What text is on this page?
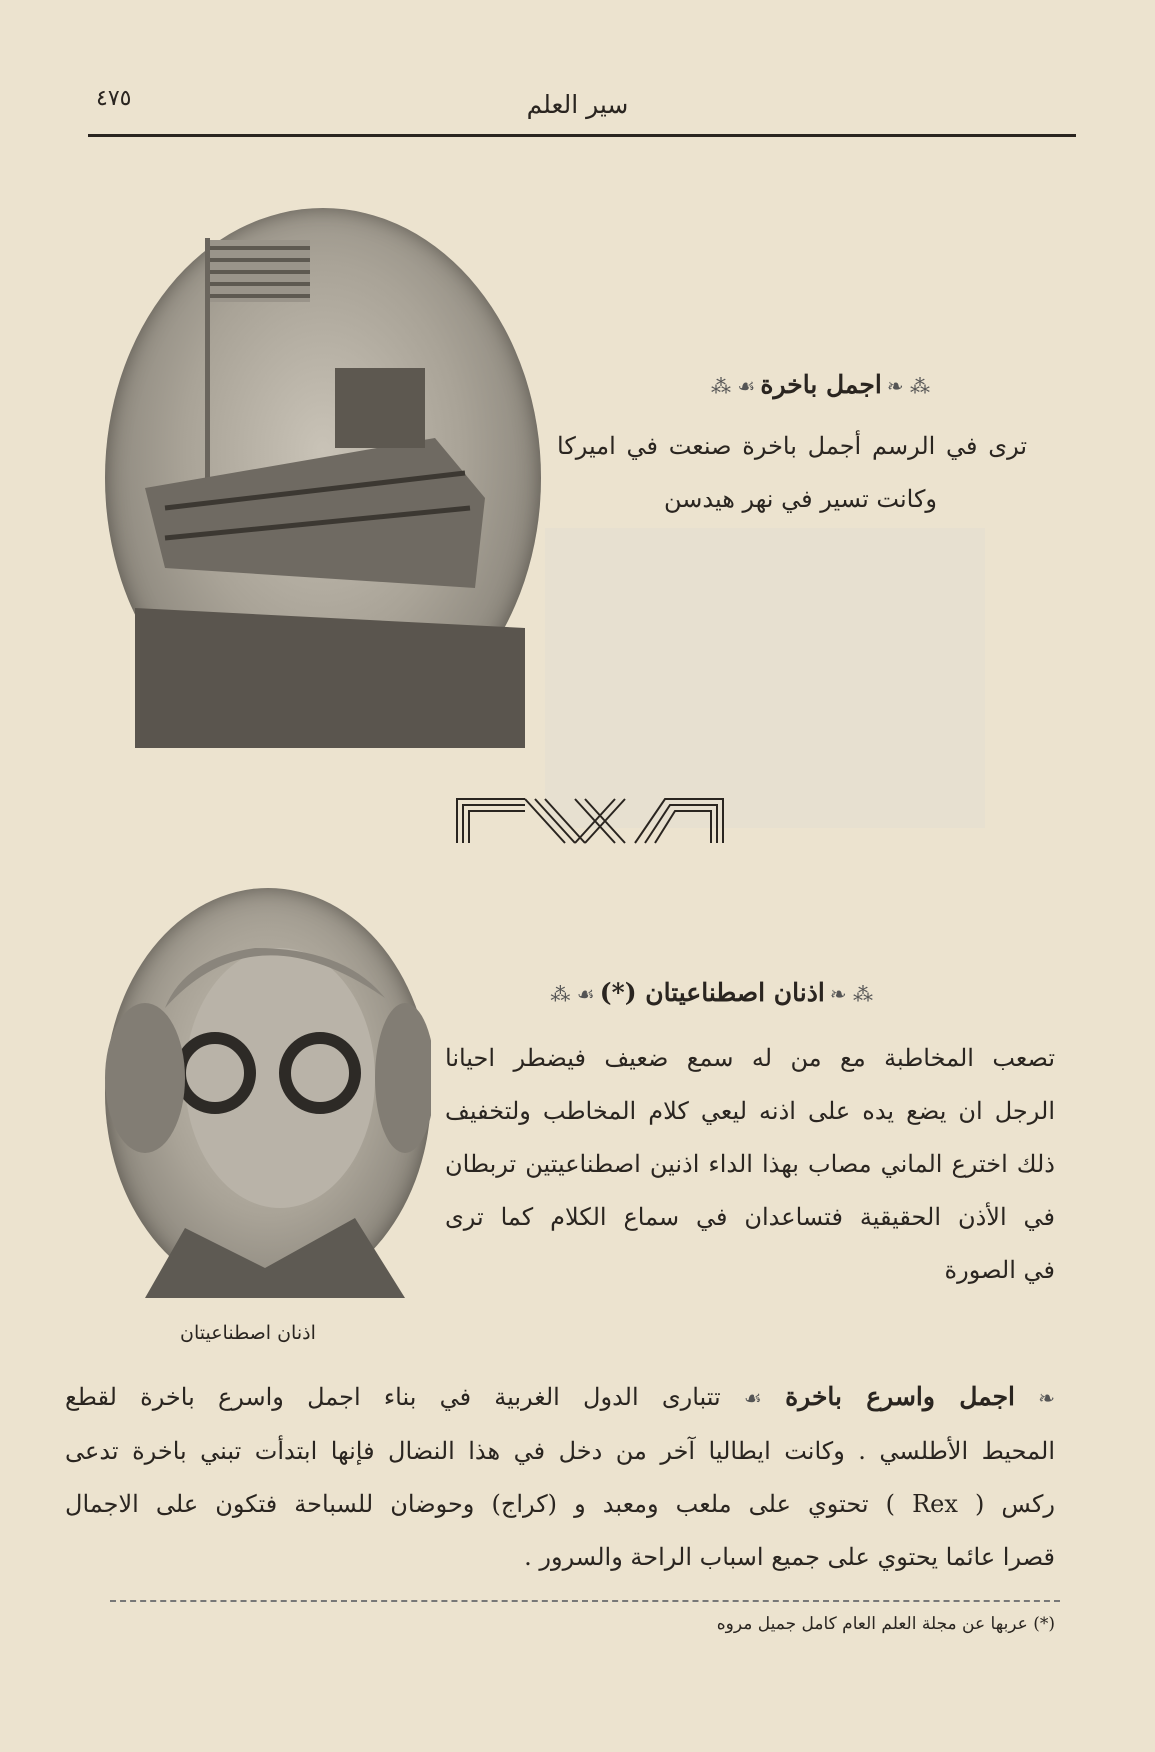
٤٧٥	سير العلم
⁂ ❧ اجمل باخرة ☙ ⁂
ترى في الرسم أجمل باخرة صنعت في اميركا
وكانت تسير في نهر هيدسن
⁂ ❧ اذنان اصطناعيتان (*) ☙ ⁂
تصعب المخاطبة مع من له سمع ضعيف فيضطر احيانا
الرجل ان يضع يده على اذنه ليعي كلام المخاطب ولتخفيف
ذلك اخترع الماني مصاب بهذا الداء اذنين اصطناعيتين تربطان
في الأذن الحقيقية فتساعدان في سماع الكلام كما ترى
في الصورة
اذنان اصطناعيتان
❧ اجمل واسرع باخرة ☙ تتبارى الدول الغربية في بناء اجمل واسرع باخرة لقطع
المحيط الأطلسي . وكانت ايطاليا آخر من دخل في هذا النضال فإنها ابتدأت تبني باخرة تدعى
ركس ( Rex ) تحتوي على ملعب ومعبد و (كراج) وحوضان للسباحة فتكون على الاجمال
قصرا عائما يحتوي على جميع اسباب الراحة والسرور .
(*) عربها عن مجلة العلم العام كامل جميل مروه
